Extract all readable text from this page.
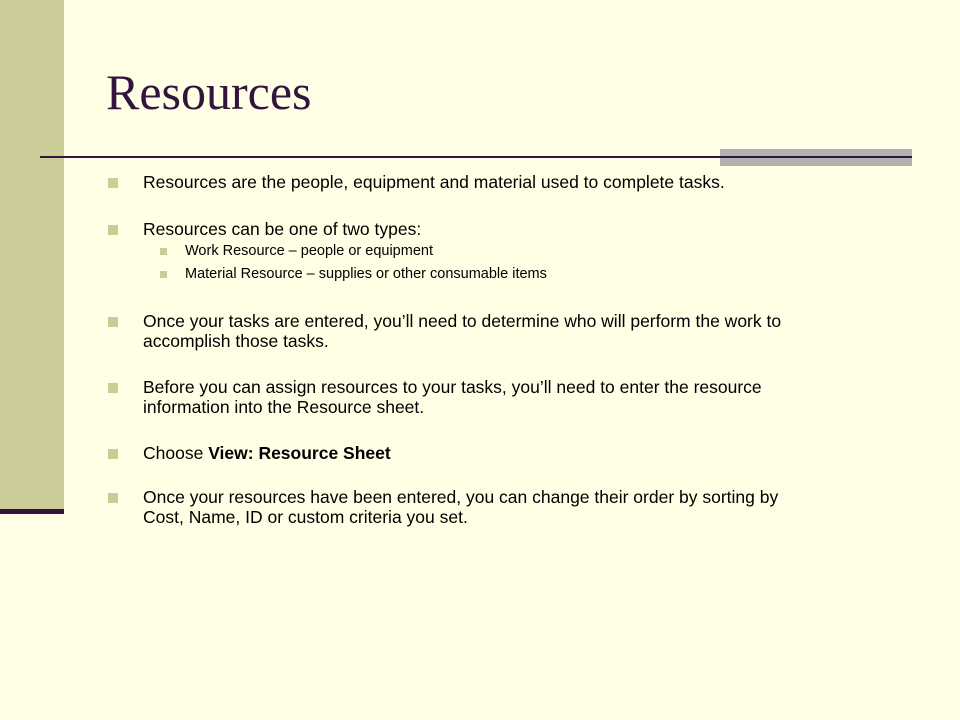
Resources
Resources are the people, equipment and material used to complete tasks.
Resources can be one of two types:
Work Resource – people or equipment
Material Resource – supplies or other consumable items
Once your tasks are entered, you’ll need to determine who will perform the work to
accomplish those tasks.
Before you can assign resources to your tasks, you’ll need to enter the resource
information into the Resource sheet.
Choose View: Resource Sheet
Once your resources have been entered, you can change their order by sorting by
Cost, Name, ID or custom criteria you set.
